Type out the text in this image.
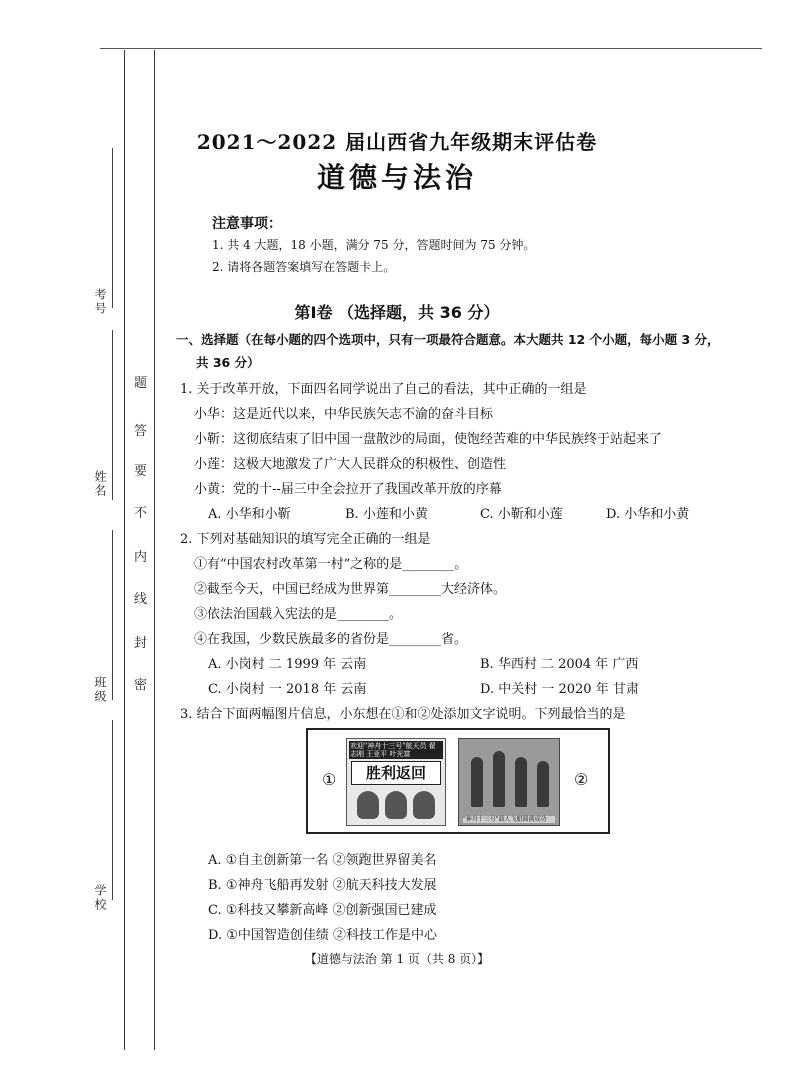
考号
姓名
班级
学校
题
答
要
不
内
线
封
密
2021～2022 届山西省九年级期末评估卷
道德与法治
注意事项：
1. 共 4 大题，18 小题，满分 75 分，答题时间为 75 分钟。
2. 请将各题答案填写在答题卡上。
第Ⅰ卷 （选择题，共 36 分）
一、选择题（在每小题的四个选项中，只有一项最符合题意。本大题共 12 个小题，每小题 3 分，
共 36 分）
1. 关于改革开放，下面四名同学说出了自己的看法，其中正确的一组是
小华：这是近代以来，中华民族矢志不渝的奋斗目标
小靳：这彻底结束了旧中国一盘散沙的局面，使饱经苦难的中华民族终于站起来了
小莲：这极大地激发了广大人民群众的积极性、创造性
小黄：党的十--届三中全会拉开了我国改革开放的序幕
A. 小华和小靳	B. 小莲和小黄	C. 小靳和小莲	D. 小华和小黄
2. 下列对基础知识的填写完全正确的一组是
①有“中国农村改革第一村”之称的是________。
②截至今天，中国已经成为世界第________大经济体。
③依法治国载入宪法的是________。
④在我国，少数民族最多的省份是________省。
A. 小岗村 二 1999 年 云南	B. 华西村 二 2004 年 广西
C. 小岗村 一 2018 年 云南	D. 中关村 一 2020 年 甘肃
3. 结合下面两幅图片信息，小东想在①和②处添加文字说明。下列最恰当的是
①
欢迎"神舟十三号"航天员 翟志刚 王亚平 叶光富
胜利返回
"神舟十三号"载人飞船圆满成功
②
A. ①自主创新第一名 ②领跑世界留美名
B. ①神舟飞船再发射 ②航天科技大发展
C. ①科技又攀新高峰 ②创新强国已建成
D. ①中国智造创佳绩 ②科技工作是中心
【道德与法治 第 1 页（共 8 页）】
